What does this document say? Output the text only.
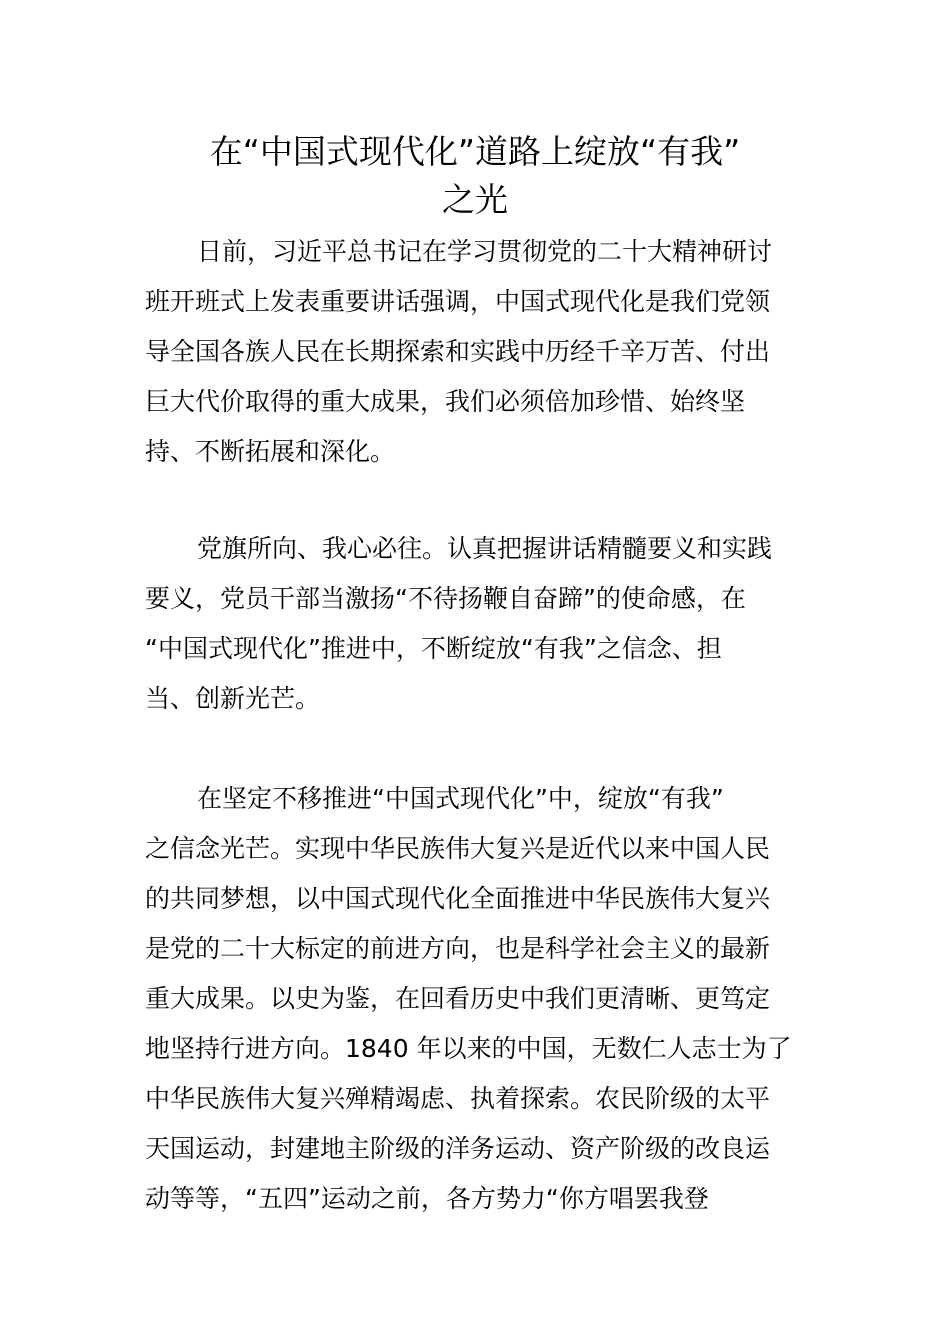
在“中国式现代化”道路上绽放“有我”
之光
日前，习近平总书记在学习贯彻党的二十大精神研讨
班开班式上发表重要讲话强调，中国式现代化是我们党领
导全国各族人民在长期探索和实践中历经千辛万苦、付出
巨大代价取得的重大成果，我们必须倍加珍惜、始终坚
持、不断拓展和深化。
党旗所向、我心必往。认真把握讲话精髓要义和实践
要义，党员干部当激扬“不待扬鞭自奋蹄”的使命感，在
“中国式现代化”推进中，不断绽放“有我”之信念、担
当、创新光芒。
在坚定不移推进“中国式现代化”中，绽放“有我”
之信念光芒。实现中华民族伟大复兴是近代以来中国人民
的共同梦想，以中国式现代化全面推进中华民族伟大复兴
是党的二十大标定的前进方向，也是科学社会主义的最新
重大成果。以史为鉴，在回看历史中我们更清晰、更笃定
地坚持行进方向。1840 年以来的中国，无数仁人志士为了
中华民族伟大复兴殚精竭虑、执着探索。农民阶级的太平
天国运动，封建地主阶级的洋务运动、资产阶级的改良运
动等等，“五四”运动之前，各方势力“你方唱罢我登
